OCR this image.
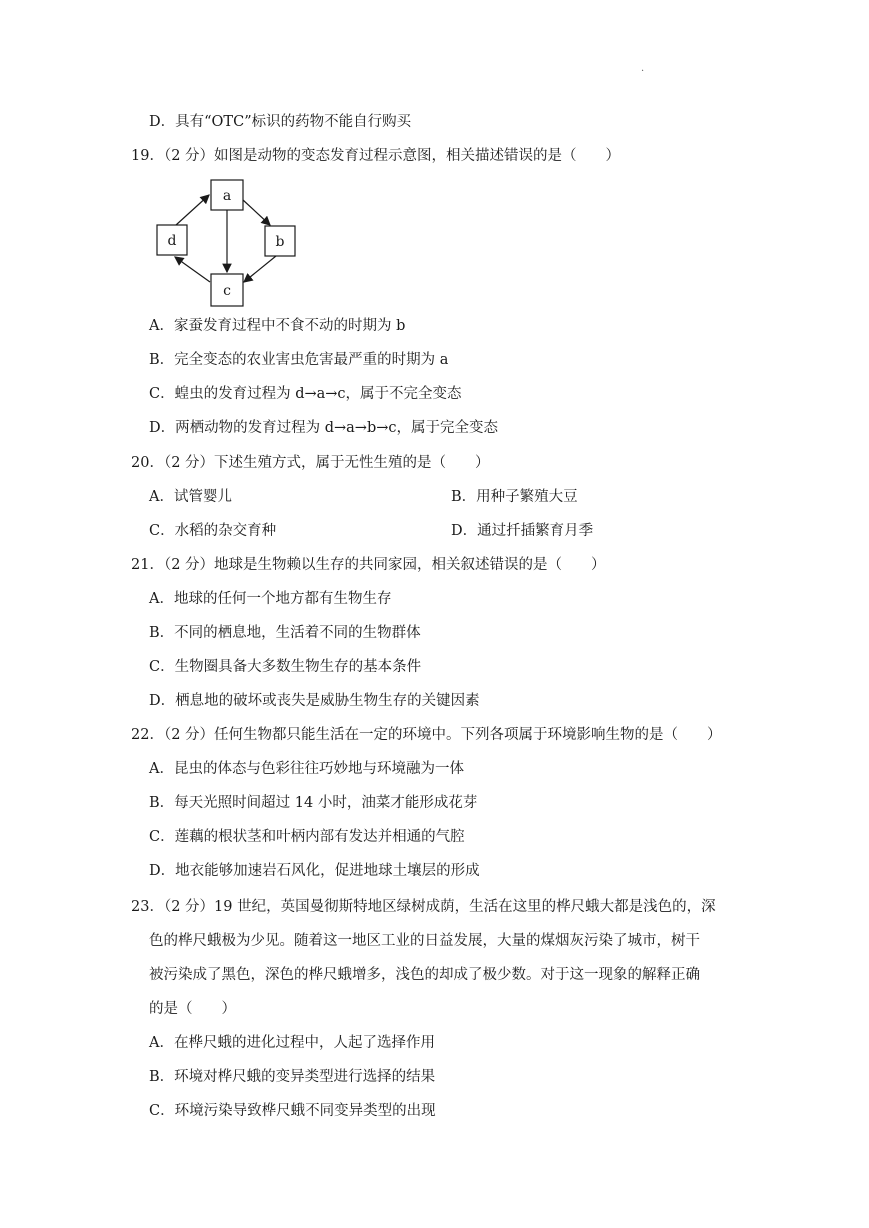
·
D．具有“OTC”标识的药物不能自行购买
19．（2 分）如图是动物的变态发育过程示意图，相关描述错误的是（　　）
a
b
c
d
A．家蚕发育过程中不食不动的时期为 b
B．完全变态的农业害虫危害最严重的时期为 a
C．蝗虫的发育过程为 d→a→c，属于不完全变态
D．两栖动物的发育过程为 d→a→b→c，属于完全变态
20．（2 分）下述生殖方式，属于无性生殖的是（　　）
A．试管婴儿	B．用种子繁殖大豆
C．水稻的杂交育种	D．通过扦插繁育月季
21．（2 分）地球是生物赖以生存的共同家园，相关叙述错误的是（　　）
A．地球的任何一个地方都有生物生存
B．不同的栖息地，生活着不同的生物群体
C．生物圈具备大多数生物生存的基本条件
D．栖息地的破坏或丧失是威胁生物生存的关键因素
22．（2 分）任何生物都只能生活在一定的环境中。下列各项属于环境影响生物的是（　　）
A．昆虫的体态与色彩往往巧妙地与环境融为一体
B．每天光照时间超过 14 小时，油菜才能形成花芽
C．莲藕的根状茎和叶柄内部有发达并相通的气腔
D．地衣能够加速岩石风化，促进地球土壤层的形成
23．（2 分）19 世纪，英国曼彻斯特地区绿树成荫，生活在这里的桦尺蛾大都是浅色的，深
色的桦尺蛾极为少见。随着这一地区工业的日益发展，大量的煤烟灰污染了城市，树干
被污染成了黑色，深色的桦尺蛾增多，浅色的却成了极少数。对于这一现象的解释正确
的是（　　）
A．在桦尺蛾的进化过程中，人起了选择作用
B．环境对桦尺蛾的变异类型进行选择的结果
C．环境污染导致桦尺蛾不同变异类型的出现
